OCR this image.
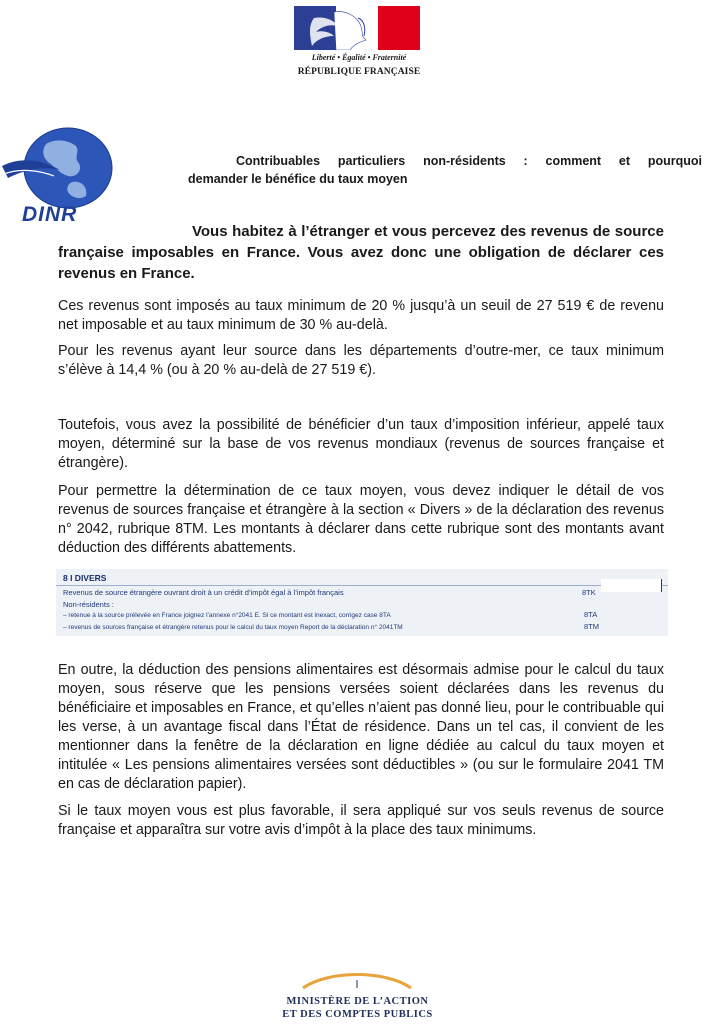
Liberté • Égalité • Fraternité
RÉPUBLIQUE FRANÇAISE
DINR
Contribuables particuliers non-résidents : comment et pourquoi
demander le bénéfice du taux moyen
Vous habitez à l’étranger et vous percevez des revenus de source française imposables en France. Vous avez donc une obligation de déclarer ces revenus en France.
Ces revenus sont imposés au taux minimum de 20 % jusqu’à un seuil de 27 519 € de revenu net imposable et au taux minimum de 30 % au-delà.
Pour les revenus ayant leur source dans les départements d’outre-mer, ce taux minimum s’élève à 14,4 % (ou à 20 % au-delà de 27 519 €).
Toutefois, vous avez la possibilité de bénéficier d’un taux d’imposition inférieur, appelé taux moyen, déterminé sur la base de vos revenus mondiaux (revenus de sources française et étrangère).
Pour permettre la détermination de ce taux moyen, vous devez indiquer le détail de vos revenus de sources française et étrangère à la section « Divers » de la déclaration des revenus n° 2042, rubrique 8TM. Les montants à déclarer dans cette rubrique sont des montants avant déduction des différents abattements.
8 I DIVERS
Revenus de source étrangère ouvrant droit à un crédit d’impôt égal à l’impôt français	8TK
Non-résidents :
– retenue à la source prélevée en France joignez l’annexe n°2041 E. Si ce montant est inexact, corrigez case 8TA	8TA
– revenus de sources française et étrangère retenus pour le calcul du taux moyen Report de la déclaration n° 2041TM	8TM
En outre, la déduction des pensions alimentaires est désormais admise pour le calcul du taux moyen, sous réserve que les pensions versées soient déclarées dans les revenus du bénéficiaire et imposables en France, et qu’elles n’aient pas donné lieu, pour le contribuable qui les verse, à un avantage fiscal dans l’État de résidence. Dans un tel cas, il convient de les mentionner dans la fenêtre de la déclaration en ligne dédiée au calcul du taux moyen et intitulée « Les pensions alimentaires versées sont déductibles » (ou sur le formulaire 2041 TM en cas de déclaration papier).
Si le taux moyen vous est plus favorable, il sera appliqué sur vos seuls revenus de source française et apparaîtra sur votre avis d’impôt à la place des taux minimums.
MINISTÈRE DE L’ACTION
ET DES COMPTES PUBLICS
